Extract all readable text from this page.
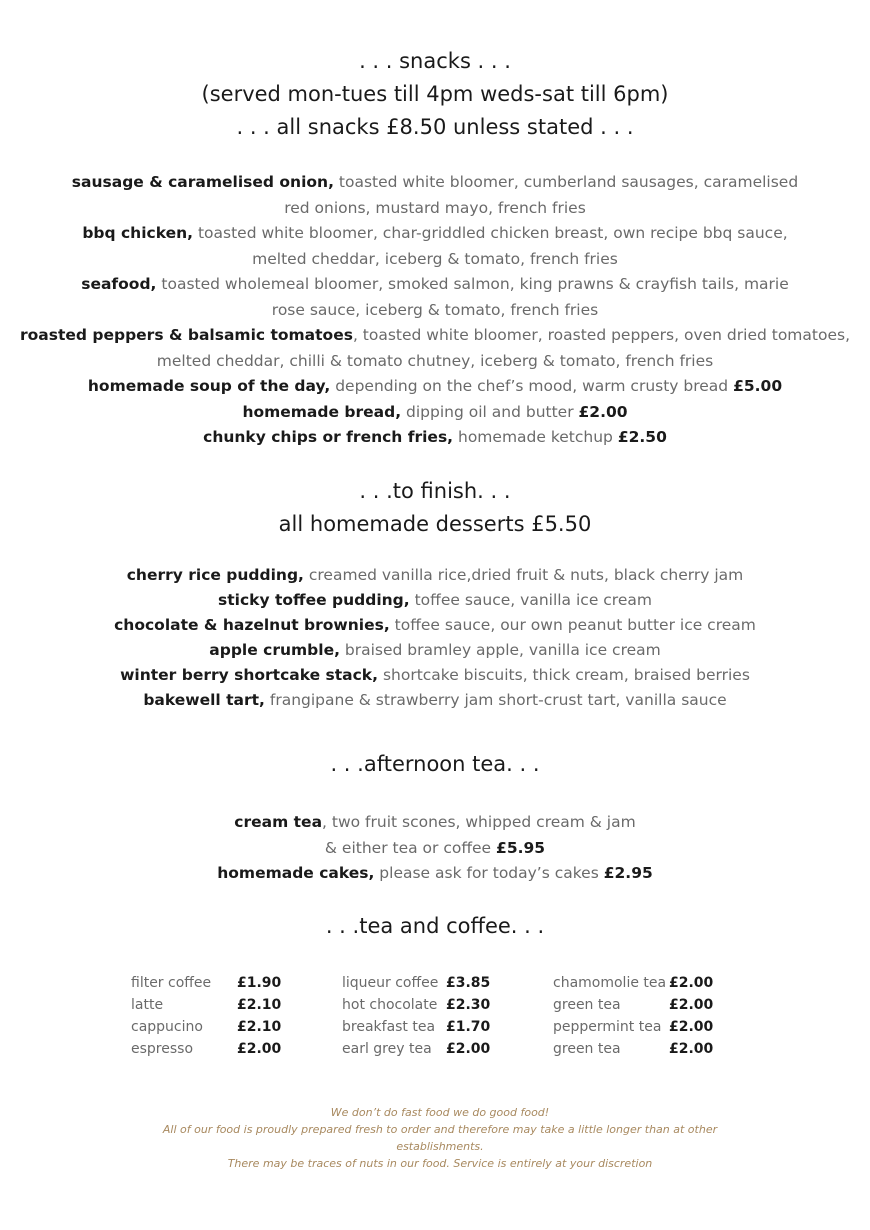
. . . snacks . . .
(served mon-tues till 4pm weds-sat till 6pm)
. . . all snacks £8.50 unless stated . . .
sausage & caramelised onion, toasted white bloomer, cumberland sausages, caramelised
red onions, mustard mayo, french fries
bbq chicken, toasted white bloomer, char-griddled chicken breast, own recipe bbq sauce,
melted cheddar, iceberg & tomato, french fries
seafood, toasted wholemeal bloomer, smoked salmon, king prawns & crayfish tails, marie
rose sauce, iceberg & tomato, french fries
roasted peppers & balsamic tomatoes, toasted white bloomer, roasted peppers, oven dried tomatoes,
melted cheddar, chilli & tomato chutney, iceberg & tomato, french fries
homemade soup of the day, depending on the chef’s mood, warm crusty bread £5.00
homemade bread, dipping oil and butter £2.00
chunky chips or french fries, homemade ketchup £2.50
. . .to finish. . .
all homemade desserts £5.50
cherry rice pudding, creamed vanilla rice,dried fruit & nuts, black cherry jam
sticky toffee pudding, toffee sauce, vanilla ice cream
chocolate & hazelnut brownies, toffee sauce, our own peanut butter ice cream
apple crumble, braised bramley apple, vanilla ice cream
winter berry shortcake stack, shortcake biscuits, thick cream, braised berries
bakewell tart, frangipane & strawberry jam short-crust tart, vanilla sauce
. . .afternoon tea. . .
cream tea, two fruit scones, whipped cream & jam
& either tea or coffee £5.95
homemade cakes, please ask for today’s cakes £2.95
. . .tea and coffee. . .
filter coffee £1.90
latte	£2.10
cappucino £2.10
espresso	£2.00
liqueur coffee £3.85
hot chocolate £2.30
breakfast tea £1.70
earl grey tea £2.00
chamomolie tea £2.00
green tea	£2.00
peppermint tea £2.00
green tea	£2.00
We don’t do fast food we do good food!
All of our food is proudly prepared fresh to order and therefore may take a little longer than at other establishments.
There may be traces of nuts in our food. Service is entirely at your discretion
